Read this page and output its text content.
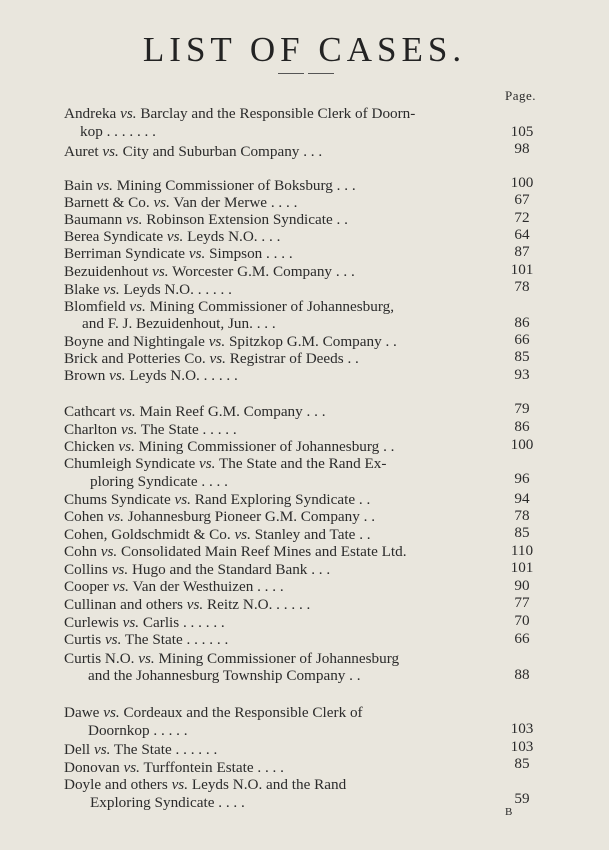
LIST OF CASES.
Page.
Andreka vs. Barclay and the Responsible Clerk of Doorn-
kop . . . . . . .	105
Auret vs. City and Suburban Company . . .	98
Bain vs. Mining Commissioner of Boksburg . . .	100
Barnett & Co. vs. Van der Merwe . . . .	67
Baumann vs. Robinson Extension Syndicate . .	72
Berea Syndicate vs. Leyds N.O. . . .	64
Berriman Syndicate vs. Simpson . . . .	87
Bezuidenhout vs. Worcester G.M. Company . . .	101
Blake vs. Leyds N.O. . . . . .	78
Blomfield vs. Mining Commissioner of Johannesburg,
and F. J. Bezuidenhout, Jun. . . .	86
Boyne and Nightingale vs. Spitzkop G.M. Company . .	66
Brick and Potteries Co. vs. Registrar of Deeds . .	85
Brown vs. Leyds N.O. . . . . .	93
Cathcart vs. Main Reef G.M. Company . . .	79
Charlton vs. The State . . . . .	86
Chicken vs. Mining Commissioner of Johannesburg . .	100
Chumleigh Syndicate vs. The State and the Rand Ex-
ploring Syndicate . . . .	96
Chums Syndicate vs. Rand Exploring Syndicate . .	94
Cohen vs. Johannesburg Pioneer G.M. Company . .	78
Cohen, Goldschmidt & Co. vs. Stanley and Tate . .	85
Cohn vs. Consolidated Main Reef Mines and Estate Ltd.	110
Collins vs. Hugo and the Standard Bank . . .	101
Cooper vs. Van der Westhuizen . . . .	90
Cullinan and others vs. Reitz N.O. . . . . .	77
Curlewis vs. Carlis . . . . . .	70
Curtis vs. The State . . . . . .	66
Curtis N.O. vs. Mining Commissioner of Johannesburg
and the Johannesburg Township Company . .	88
Dawe vs. Cordeaux and the Responsible Clerk of
Doornkop . . . . .	103
Dell vs. The State . . . . . .	103
Donovan vs. Turffontein Estate . . . .	85
Doyle and others vs. Leyds N.O. and the Rand
Exploring Syndicate . . . .	59
B
